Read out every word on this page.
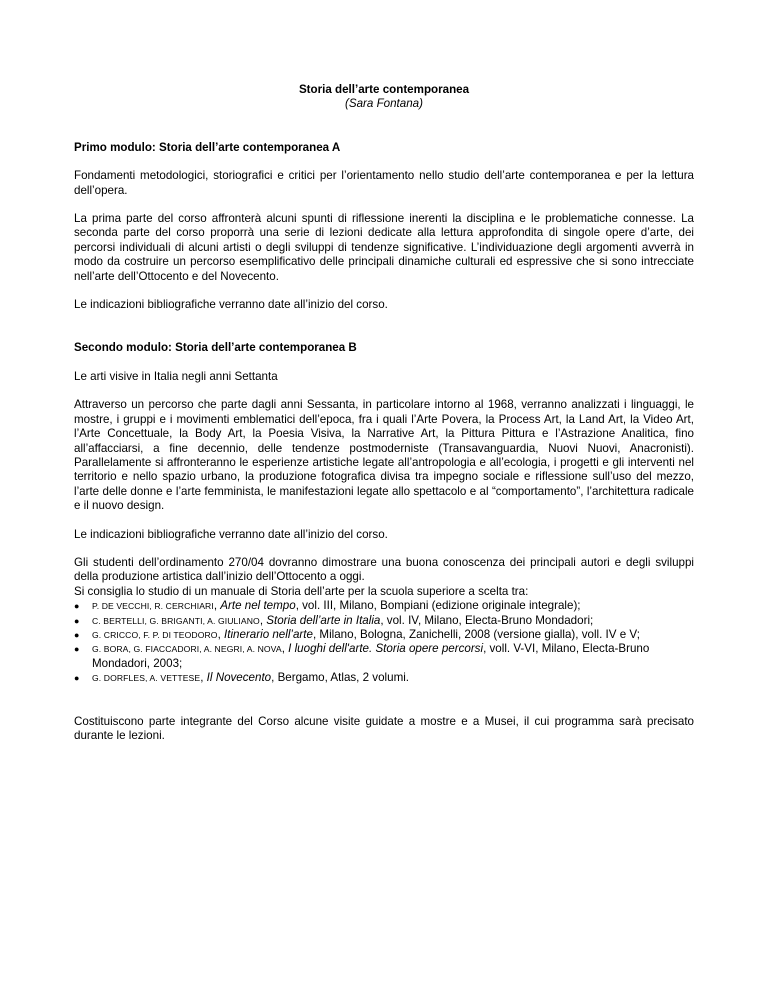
Storia dell’arte contemporanea

(Sara Fontana)

Primo modulo: Storia dell’arte contemporanea A

Fondamenti metodologici, storiografici e critici per l’orientamento nello studio dell’arte contemporanea e per la lettura dell’opera.

La prima parte del corso affronterà alcuni spunti di riflessione inerenti la disciplina e le problematiche connesse. La seconda parte del corso proporrà una serie di lezioni dedicate alla lettura approfondita di singole opere d’arte, dei percorsi individuali di alcuni artisti o degli sviluppi di tendenze significative. L’individuazione degli argomenti avverrà in modo da costruire un percorso esemplificativo delle principali dinamiche culturali ed espressive che si sono intrecciate nell’arte dell’Ottocento e del Novecento.

Le indicazioni bibliografiche verranno date all’inizio del corso.

Secondo modulo: Storia dell’arte contemporanea B

Le arti visive in Italia negli anni Settanta

Attraverso un percorso che parte dagli anni Sessanta, in particolare intorno al 1968, verranno analizzati i linguaggi, le mostre, i gruppi e i movimenti emblematici dell’epoca, fra i quali l’Arte Povera, la Process Art, la Land Art, la Video Art, l’Arte Concettuale, la Body Art, la Poesia Visiva, la Narrative Art, la Pittura Pittura e l’Astrazione Analitica, fino all’affacciarsi, a fine decennio, delle tendenze postmoderniste (Transavanguardia, Nuovi Nuovi, Anacronisti). Parallelamente si affronteranno le esperienze artistiche legate all’antropologia e all’ecologia, i progetti e gli interventi nel territorio e nello spazio urbano, la produzione fotografica divisa tra impegno sociale e riflessione sull’uso del mezzo, l’arte delle donne e l’arte femminista, le manifestazioni legate allo spettacolo e al “comportamento”, l’architettura radicale e il nuovo design.

Le indicazioni bibliografiche verranno date all’inizio del corso.

Gli studenti dell’ordinamento 270/04 dovranno dimostrare una buona conoscenza dei principali autori e degli sviluppi della produzione artistica dall’inizio dell’Ottocento a oggi.

Si consiglia lo studio di un manuale di Storia dell’arte per la scuola superiore a scelta tra:

●	P. DE VECCHI, R. CERCHIARI, Arte nel tempo, vol. III, Milano, Bompiani (edizione originale integrale);
●	C. BERTELLI, G. BRIGANTI, A. GIULIANO, Storia dell’arte in Italia, vol. IV, Milano, Electa-Bruno Mondadori;
●	G. CRICCO, F. P. DI TEODORO, Itinerario nell’arte, Milano, Bologna, Zanichelli, 2008 (versione gialla), voll. IV e V;
●	G. BORA, G. FIACCADORI, A. NEGRI, A. NOVA, I luoghi dell'arte. Storia opere percorsi, voll. V-VI, Milano, Electa-Bruno Mondadori, 2003;
●	G. DORFLES, A. VETTESE, Il Novecento, Bergamo, Atlas, 2 volumi.

Costituiscono parte integrante del Corso alcune visite guidate a mostre e a Musei, il cui programma sarà precisato durante le lezioni.
